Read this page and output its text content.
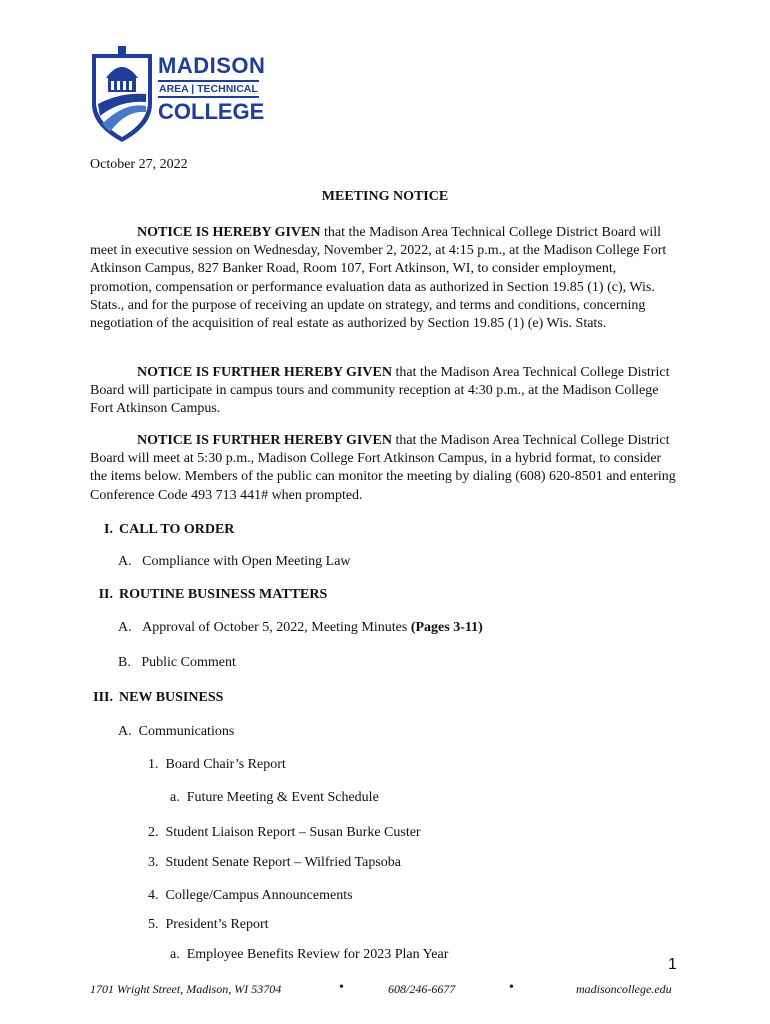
MADISON
AREA | TECHNICAL
COLLEGE
October 27, 2022
MEETING NOTICE
NOTICE IS HEREBY GIVEN that the Madison Area Technical College District Board will meet in executive session on Wednesday, November 2, 2022, at 4:15 p.m., at the Madison College Fort Atkinson Campus, 827 Banker Road, Room 107, Fort Atkinson, WI, to consider employment, promotion, compensation or performance evaluation data as authorized in Section 19.85 (1) (c), Wis. Stats., and for the purpose of receiving an update on strategy, and terms and conditions, concerning negotiation of the acquisition of real estate as authorized by Section 19.85 (1) (e) Wis. Stats.
NOTICE IS FURTHER HEREBY GIVEN that the Madison Area Technical College District Board will participate in campus tours and community reception at 4:30 p.m., at the Madison College Fort Atkinson Campus.
NOTICE IS FURTHER HEREBY GIVEN that the Madison Area Technical College District Board will meet at 5:30 p.m., Madison College Fort Atkinson Campus, in a hybrid format, to consider the items below. Members of the public can monitor the meeting by dialing (608) 620-8501 and entering Conference Code 493 713 441# when prompted.
I. CALL TO ORDER
A. Compliance with Open Meeting Law
II. ROUTINE BUSINESS MATTERS
A. Approval of October 5, 2022, Meeting Minutes (Pages 3-11)
B. Public Comment
III. NEW BUSINESS
A. Communications
1. Board Chair’s Report
a. Future Meeting & Event Schedule
2. Student Liaison Report – Susan Burke Custer
3. Student Senate Report – Wilfried Tapsoba
4. College/Campus Announcements
5. President’s Report
a. Employee Benefits Review for 2023 Plan Year
1
1701 Wright Street, Madison, WI 53704	•	608/246-6677	•	madisoncollege.edu
